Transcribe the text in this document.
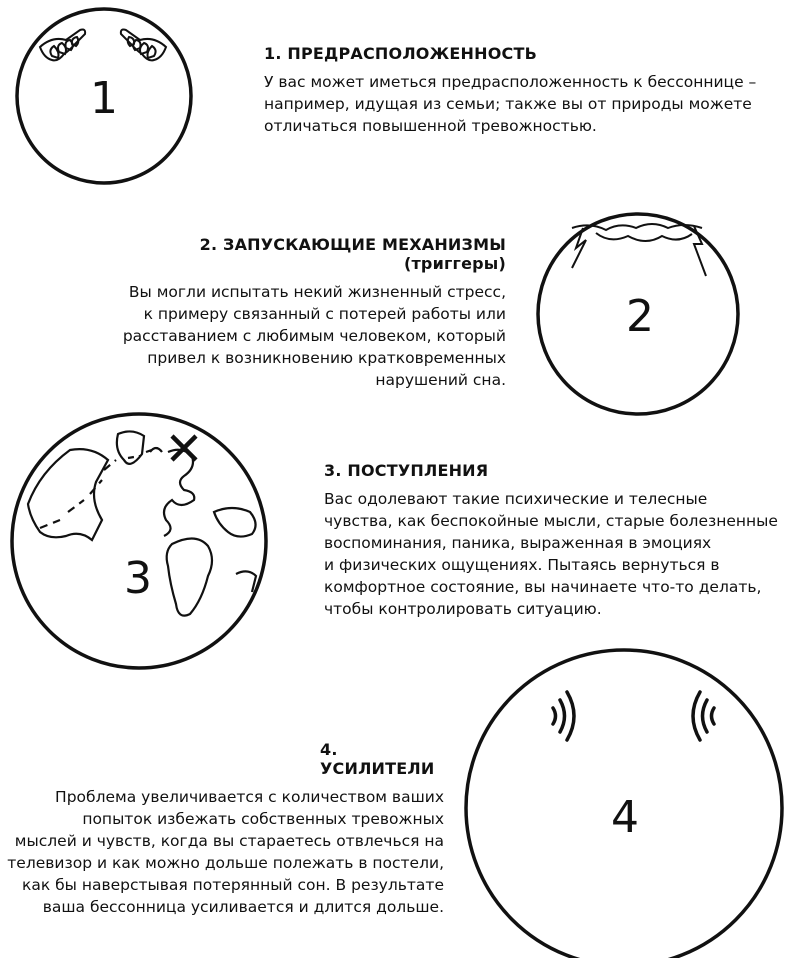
1
2
3
4

1. ПРЕДРАСПОЛОЖЕННОСТЬ

У вас может иметься предрасположенность к бессоннице –
например, идущая из семьи; также вы от природы можете
отличаться повышенной тревожностью.

2. ЗАПУСКАЮЩИЕ МЕХАНИЗМЫ (триггеры)

Вы могли испытать некий жизненный стресс,
к примеру связанный с потерей работы или
расставанием с любимым человеком, который
привел к возникновению кратковременных
нарушений сна.

3. ПОСТУПЛЕНИЯ

Вас одолевают такие психические и телесные
чувства, как беспокойные мысли, старые болезненные
воспоминания, паника, выраженная в эмоциях
и физических ощущениях. Пытаясь вернуться в
комфортное состояние, вы начинаете что-то делать,
чтобы контролировать ситуацию.

4. УСИЛИТЕЛИ

Проблема увеличивается с количеством ваших
попыток избежать собственных тревожных
мыслей и чувств, когда вы стараетесь отвлечься на
телевизор и как можно дольше полежать в постели,
как бы наверстывая потерянный сон. В результате
ваша бессонница усиливается и длится дольше.
